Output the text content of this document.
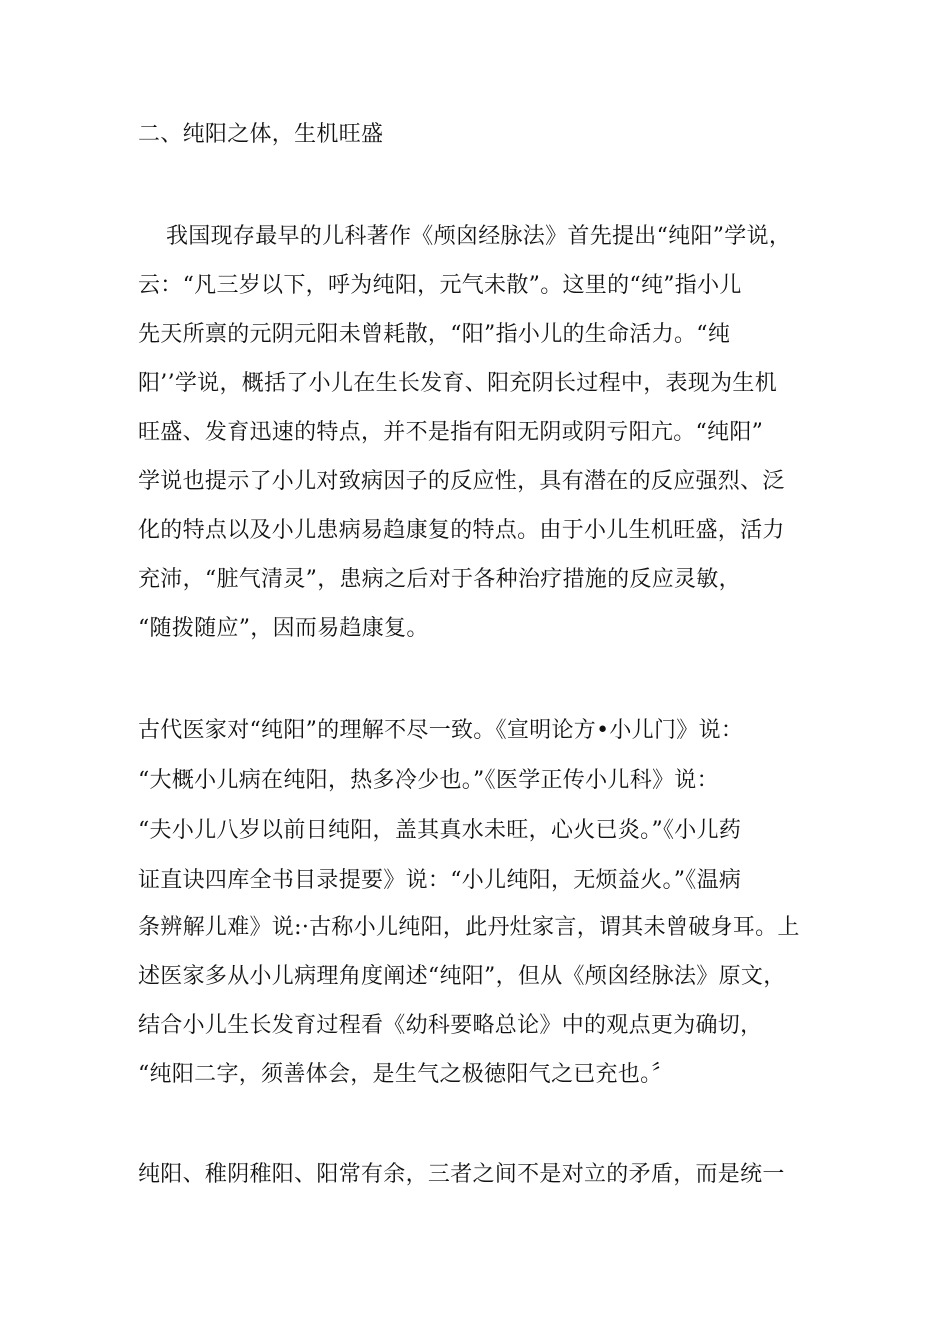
二、纯阳之体，生机旺盛
我国现存最早的儿科著作《颅囟经脉法》首先提出“纯阳”学说，
云：“凡三岁以下，呼为纯阳，元气未散”。这里的“纯”指小儿
先天所禀的元阴元阳未曾耗散，“阳”指小儿的生命活力。“纯
阳’’学说，概括了小儿在生长发育、阳充阴长过程中，表现为生机
旺盛、发育迅速的特点，并不是指有阳无阴或阴亏阳亢。“纯阳”
学说也提示了小儿对致病因子的反应性，具有潜在的反应强烈、泛
化的特点以及小儿患病易趋康复的特点。由于小儿生机旺盛，活力
充沛，“脏气清灵”，患病之后对于各种治疗措施的反应灵敏，
“随拨随应”，因而易趋康复。
古代医家对“纯阳”的理解不尽一致。《宣明论方•小儿门》说：
“大概小儿病在纯阳，热多冷少也。”《医学正传小儿科》说：
“夫小儿八岁以前日纯阳，盖其真水未旺，心火已炎。”《小儿药
证直诀四库全书目录提要》说：“小儿纯阳，无烦益火。”《温病
条辨解儿难》说:·古称小儿纯阳，此丹灶家言，谓其未曾破身耳。上
述医家多从小儿病理角度阐述“纯阳”，但从《颅囟经脉法》原文，
结合小儿生长发育过程看《幼科要略总论》中的观点更为确切，
“纯阳二字，须善体会，是生气之极徳阳气之已充也。〞
纯阳、稚阴稚阳、阳常有余，三者之间不是对立的矛盾，而是统一
